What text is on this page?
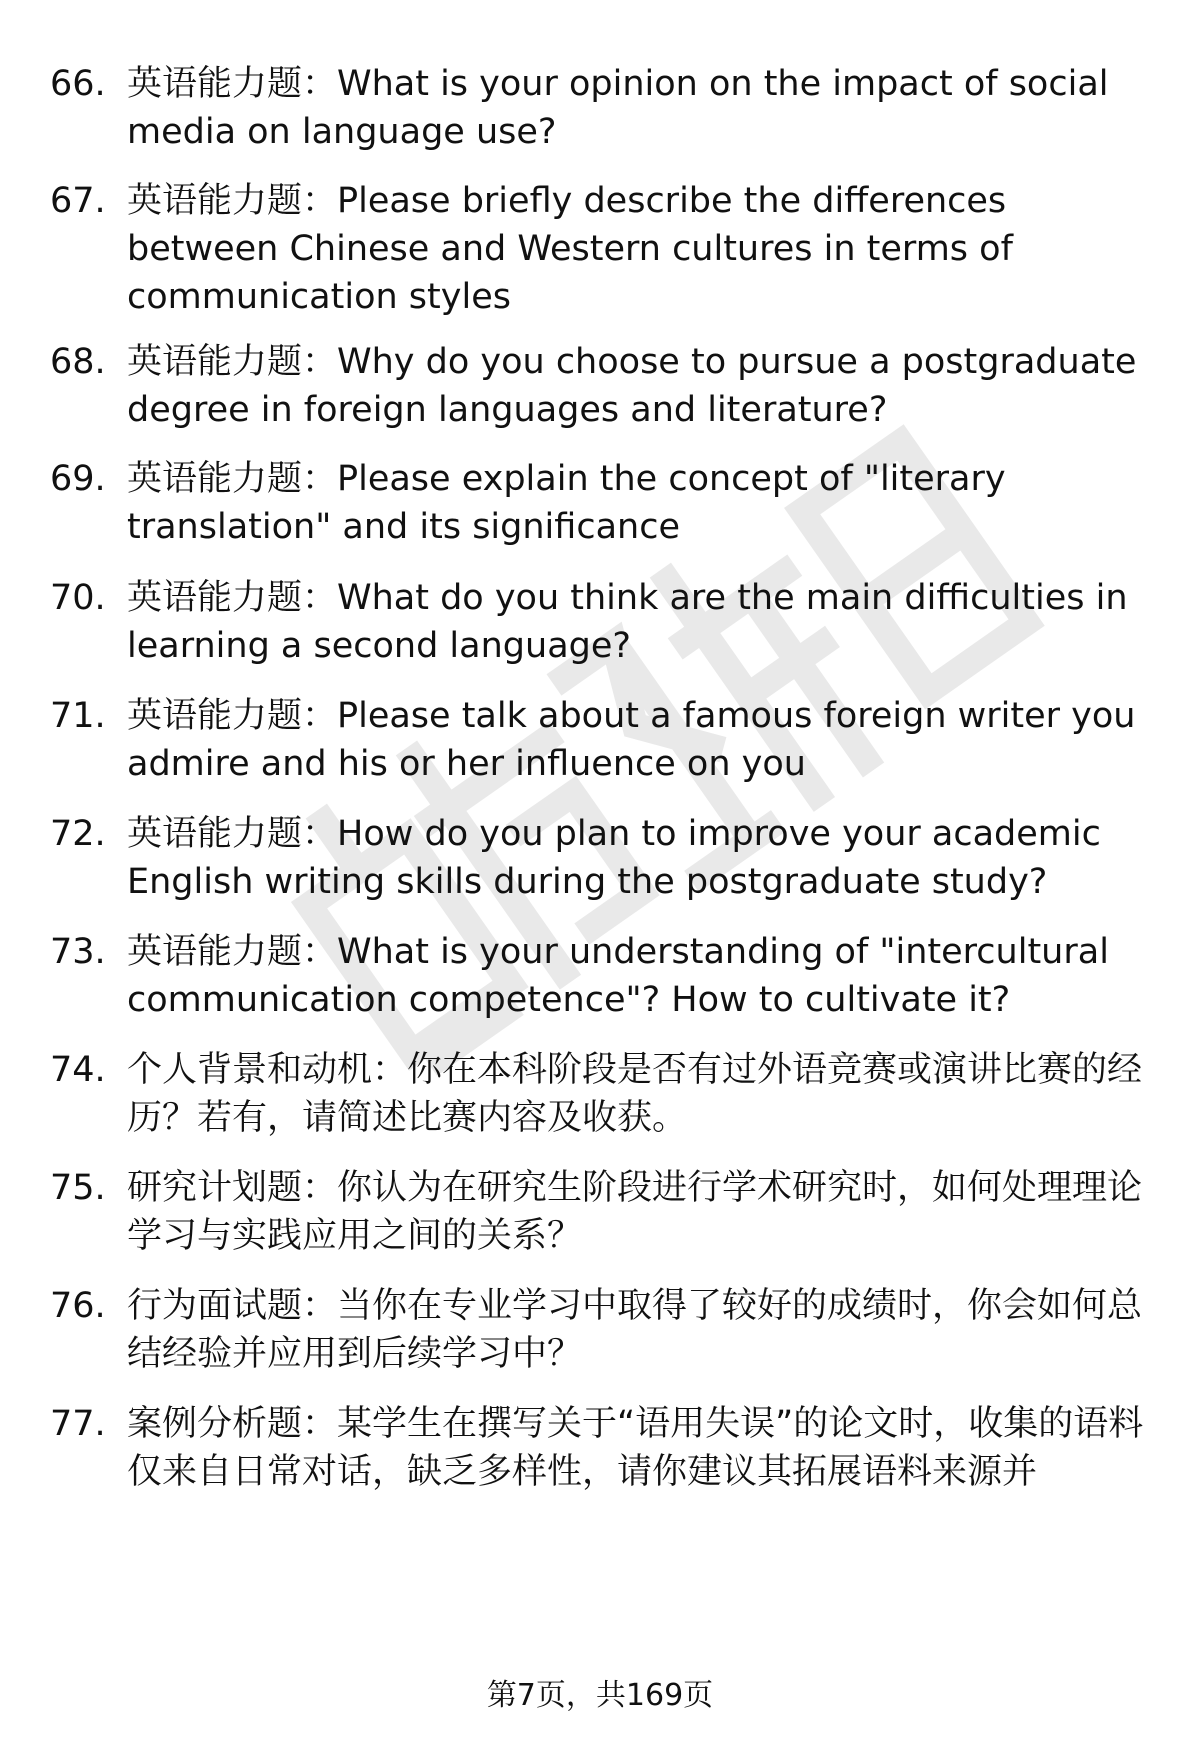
66. 英语能力题：What is your opinion on the impact of social media on language use?
67. 英语能力题：Please briefly describe the differences between Chinese and Western cultures in terms of communication styles
68. 英语能力题：Why do you choose to pursue a postgraduate degree in foreign languages and literature?
69. 英语能力题：Please explain the concept of "literary translation" and its significance
70. 英语能力题：What do you think are the main difficulties in learning a second language?
71. 英语能力题：Please talk about a famous foreign writer you admire and his or her influence on you
72. 英语能力题：How do you plan to improve your academic English writing skills during the postgraduate study?
73. 英语能力题：What is your understanding of "intercultural communication competence"? How to cultivate it?
74. 个人背景和动机：你在本科阶段是否有过外语竞赛或演讲比赛的经历？若有，请简述比赛内容及收获。
75. 研究计划题：你认为在研究生阶段进行学术研究时，如何处理理论学习与实践应用之间的关系？
76. 行为面试题：当你在专业学习中取得了较好的成绩时，你会如何总结经验并应用到后续学习中？
77. 案例分析题：某学生在撰写关于“语用失误”的论文时，收集的语料仅来自日常对话，缺乏多样性，请你建议其拓展语料来源并
第7页，共169页
